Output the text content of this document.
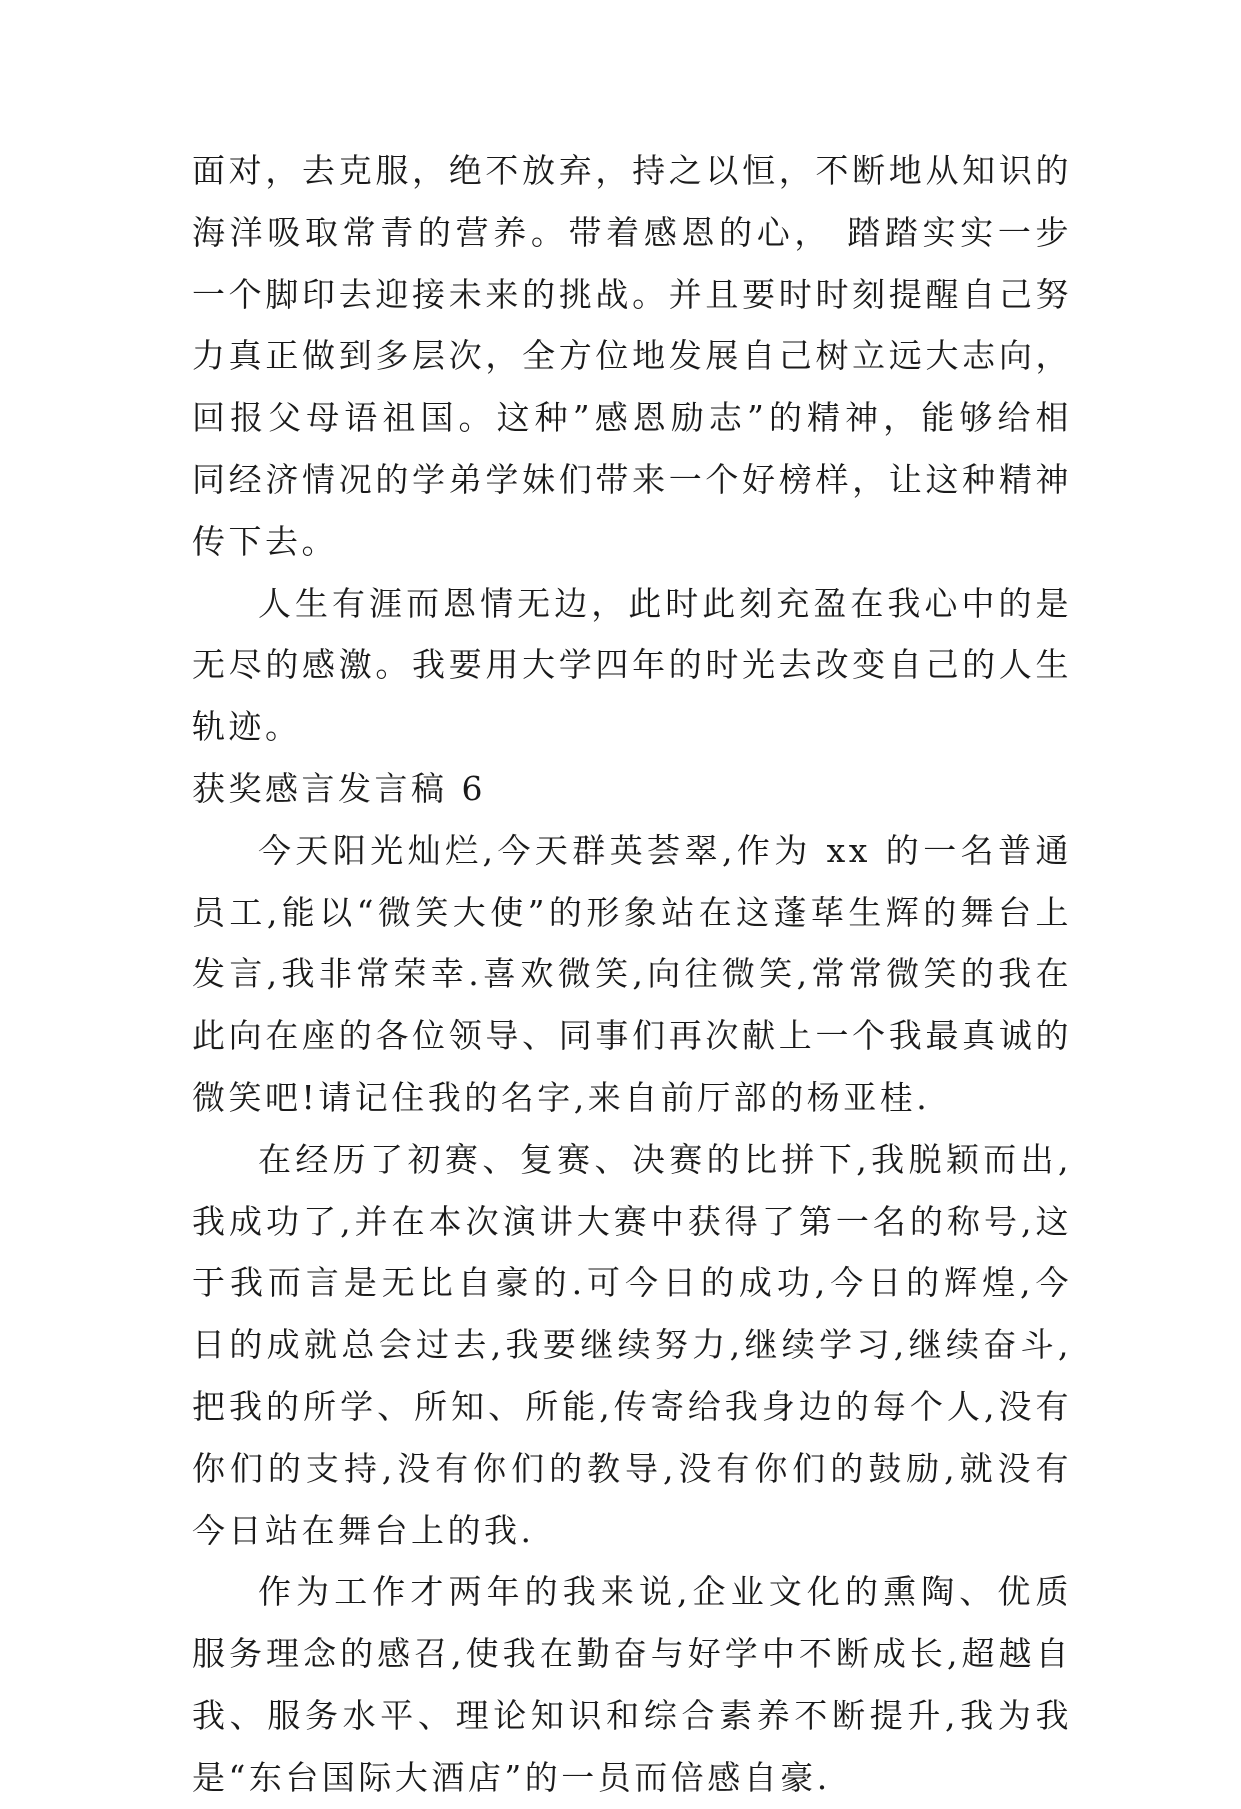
面对，去克服，绝不放弃，持之以恒，不断地从知识的海洋吸取常青的营养。带着感恩的心， 踏踏实实一步一个脚印去迎接未来的挑战。并且要时时刻提醒自己努力真正做到多层次，全方位地发展自己树立远大志向，回报父母语祖国。这种”感恩励志”的精神，能够给相同经济情况的学弟学妹们带来一个好榜样，让这种精神传下去。

人生有涯而恩情无边，此时此刻充盈在我心中的是无尽的感激。我要用大学四年的时光去改变自己的人生轨迹。

获奖感言发言稿 6

今天阳光灿烂,今天群英荟翠,作为 xx 的一名普通员工,能以“微笑大使”的形象站在这蓬荜生辉的舞台上发言,我非常荣幸.喜欢微笑,向往微笑,常常微笑的我在此向在座的各位领导、同事们再次献上一个我最真诚的微笑吧!请记住我的名字,来自前厅部的杨亚桂.

在经历了初赛、复赛、决赛的比拼下,我脱颖而出,我成功了,并在本次演讲大赛中获得了第一名的称号,这于我而言是无比自豪的.可今日的成功,今日的辉煌,今日的成就总会过去,我要继续努力,继续学习,继续奋斗,把我的所学、所知、所能,传寄给我身边的每个人,没有你们的支持,没有你们的教导,没有你们的鼓励,就没有今日站在舞台上的我.

作为工作才两年的我来说,企业文化的熏陶、优质服务理念的感召,使我在勤奋与好学中不断成长,超越自我、服务水平、理论知识和综合素养不断提升,我为我是“东台国际大酒店”的一员而倍感自豪.
